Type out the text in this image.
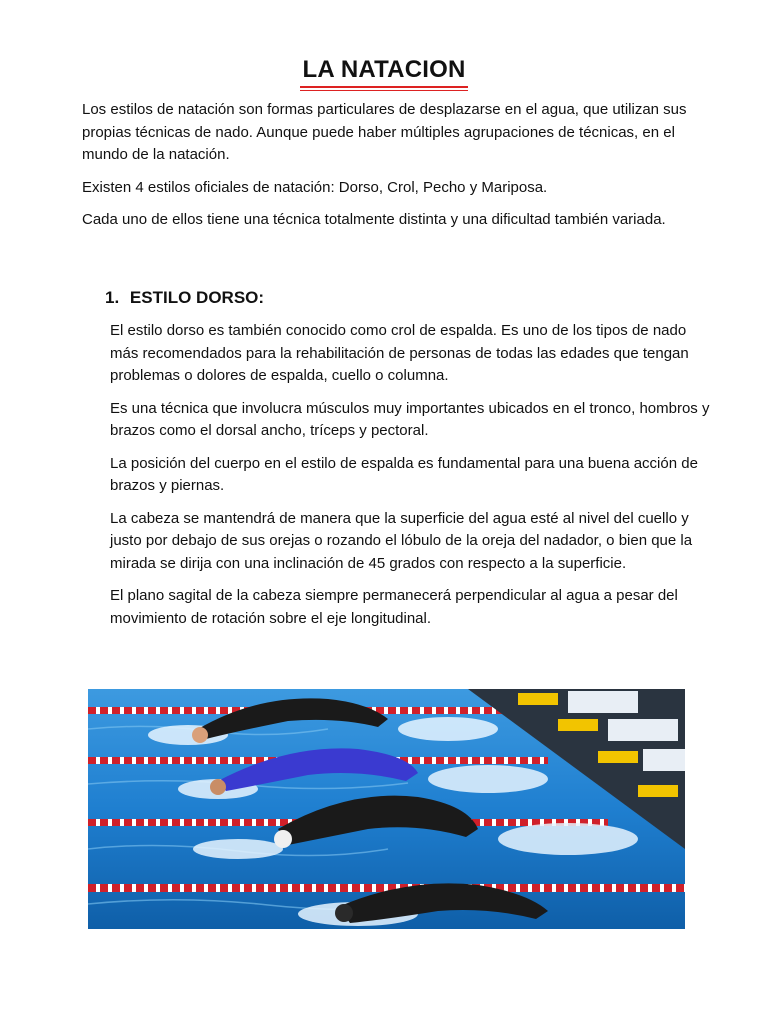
LA NATACION

Los estilos de natación son formas particulares de desplazarse en el agua, que utilizan sus propias técnicas de nado. Aunque puede haber múltiples agrupaciones de técnicas, en el mundo de la natación.

Existen 4 estilos oficiales de natación: Dorso, Crol, Pecho y Mariposa.

Cada uno de ellos tiene una técnica totalmente distinta y una dificultad también variada.

1. ESTILO DORSO:

El estilo dorso es también conocido como crol de espalda. Es uno de los tipos de nado más recomendados para la rehabilitación de personas de todas las edades que tengan problemas o dolores de espalda, cuello o columna.

Es una técnica que involucra músculos muy importantes ubicados en el tronco, hombros y brazos como el dorsal ancho, tríceps y pectoral.

La posición del cuerpo en el estilo de espalda es fundamental para una buena acción de brazos y piernas.

La cabeza se mantendrá de manera que la superficie del agua esté al nivel del cuello y justo por debajo de sus orejas o rozando el lóbulo de la oreja del nadador, o bien que la mirada se dirija con una inclinación de 45 grados con respecto a la superficie.

El plano sagital de la cabeza siempre permanecerá perpendicular al agua a pesar del movimiento de rotación sobre el eje longitudinal.
